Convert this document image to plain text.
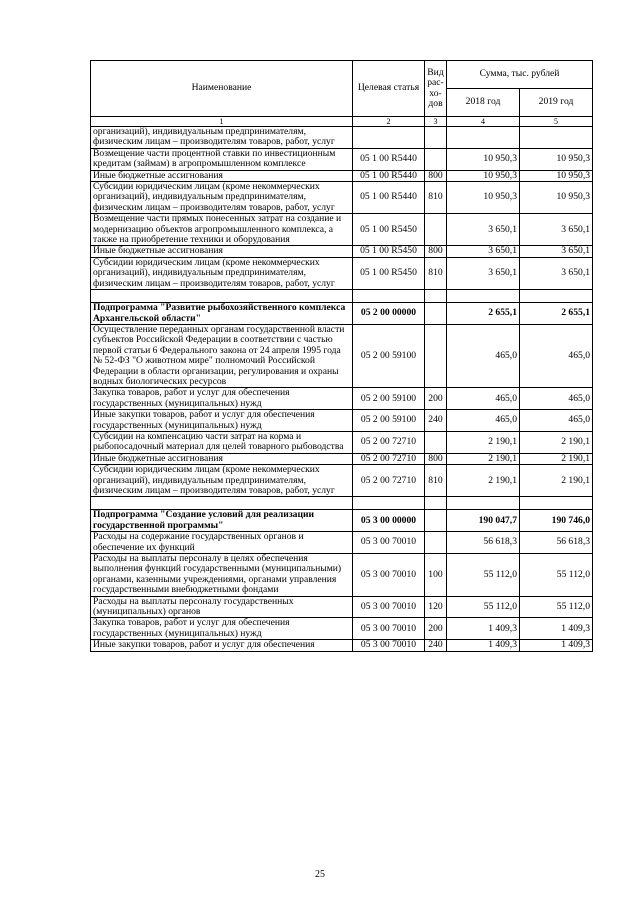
Наименование	Целевая статья	Вид рас-хо-дов	Сумма, тыс. рублей	
			2018 год	2019 год
1	2	3	4	5
организаций), индивидуальным предпринимателям, физическим лицам – производителям товаров, работ, услуг				
Возмещение части процентной ставки по инвестиционным кредитам (займам) в агропромышленном комплексе	05 1 00 R5440		10 950,3	10 950,3
Иные бюджетные ассигнования	05 1 00 R5440	800	10 950,3	10 950,3
Субсидии юридическим лицам (кроме некоммерческих организаций), индивидуальным предпринимателям, физическим лицам – производителям товаров, работ, услуг	05 1 00 R5440	810	10 950,3	10 950,3
Возмещение части прямых понесенных затрат на создание и модернизацию объектов агропромышленного комплекса, а также на приобретение техники и оборудования	05 1 00 R5450		3 650,1	3 650,1
Иные бюджетные ассигнования	05 1 00 R5450	800	3 650,1	3 650,1
Субсидии юридическим лицам (кроме некоммерческих организаций), индивидуальным предпринимателям, физическим лицам – производителям товаров, работ, услуг	05 1 00 R5450	810	3 650,1	3 650,1

Подпрограмма "Развитие рыбохозяйственного комплекса Архангельской области"	05 2 00 00000		2 655,1	2 655,1
Осуществление переданных органам государственной власти субъектов Российской Федерации в соответствии с частью первой статьи 6 Федерального закона от 24 апреля 1995 года № 52-ФЗ "О животном мире" полномочий Российской Федерации в области организации, регулирования и охраны водных биологических ресурсов	05 2 00 59100		465,0	465,0
Закупка товаров, работ и услуг для обеспечения государственных (муниципальных) нужд	05 2 00 59100	200	465,0	465,0
Иные закупки товаров, работ и услуг для обеспечения государственных (муниципальных) нужд	05 2 00 59100	240	465,0	465,0
Субсидии на компенсацию части затрат на корма и рыбопосадочный материал для целей товарного рыбоводства	05 2 00 72710		2 190,1	2 190,1
Иные бюджетные ассигнования	05 2 00 72710	800	2 190,1	2 190,1
Субсидии юридическим лицам (кроме некоммерческих организаций), индивидуальным предпринимателям, физическим лицам – производителям товаров, работ, услуг	05 2 00 72710	810	2 190,1	2 190,1

Подпрограмма "Создание условий для реализации государственной программы"	05 3 00 00000		190 047,7	190 746,0
Расходы на содержание государственных органов и обеспечение их функций	05 3 00 70010		56 618,3	56 618,3
Расходы на выплаты персоналу в целях обеспечения выполнения функций государственными (муниципальными) органами, казенными учреждениями, органами управления государственными внебюджетными фондами	05 3 00 70010	100	55 112,0	55 112,0
Расходы на выплаты персоналу государственных (муниципальных) органов	05 3 00 70010	120	55 112,0	55 112,0
Закупка товаров, работ и услуг для обеспечения государственных (муниципальных) нужд	05 3 00 70010	200	1 409,3	1 409,3
Иные закупки товаров, работ и услуг для обеспечения	05 3 00 70010	240	1 409,3	1 409,3
25
